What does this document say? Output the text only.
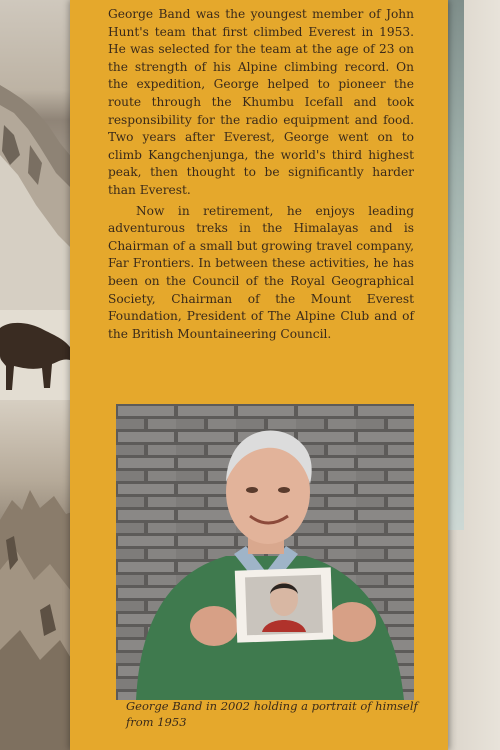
George Band was the youngest member of John Hunt's team that first climbed Everest in 1953. He was selected for the team at the age of 23 on the strength of his Alpine climbing record. On the expedition, George helped to pioneer the route through the Khumbu Icefall and took responsibility for the radio equipment and food. Two years after Everest, George went on to climb Kangchenjunga, the world's third highest peak, then thought to be significantly harder than Everest.

Now in retirement, he enjoys leading adventurous treks in the Himalayas and is Chairman of a small but growing travel company, Far Frontiers. In between these activities, he has been on the Council of the Royal Geographical Society, Chairman of the Mount Everest Foundation, President of The Alpine Club and of the British Mountaineering Council.

George Band in 2002 holding a portrait of himself from 1953
